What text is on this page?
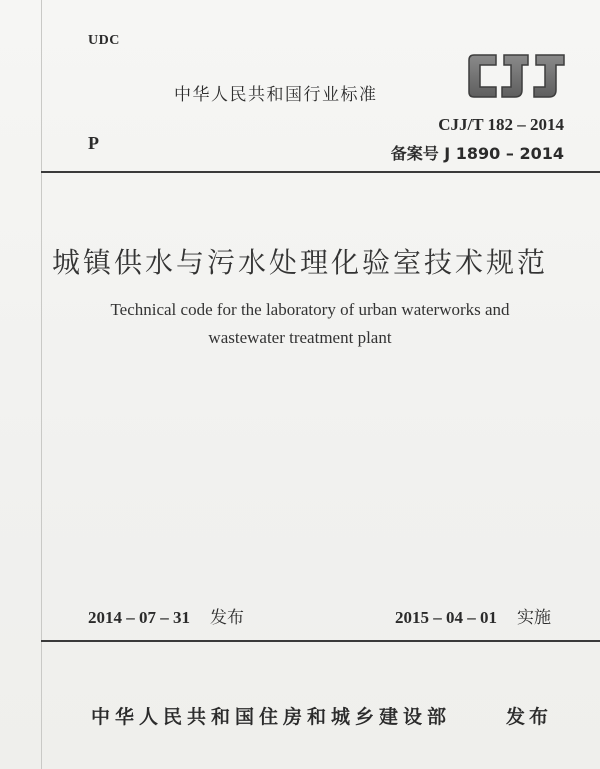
UDC
中华人民共和国行业标准
CJJ/T 182 – 2014
P
备案号 J 1890 – 2014
城镇供水与污水处理化验室技术规范
Technical code for the laboratory of urban waterworks and
wastewater treatment plant
2014 – 07 – 31 发布	2015 – 04 – 01 实施
中华人民共和国住房和城乡建设部	发布
